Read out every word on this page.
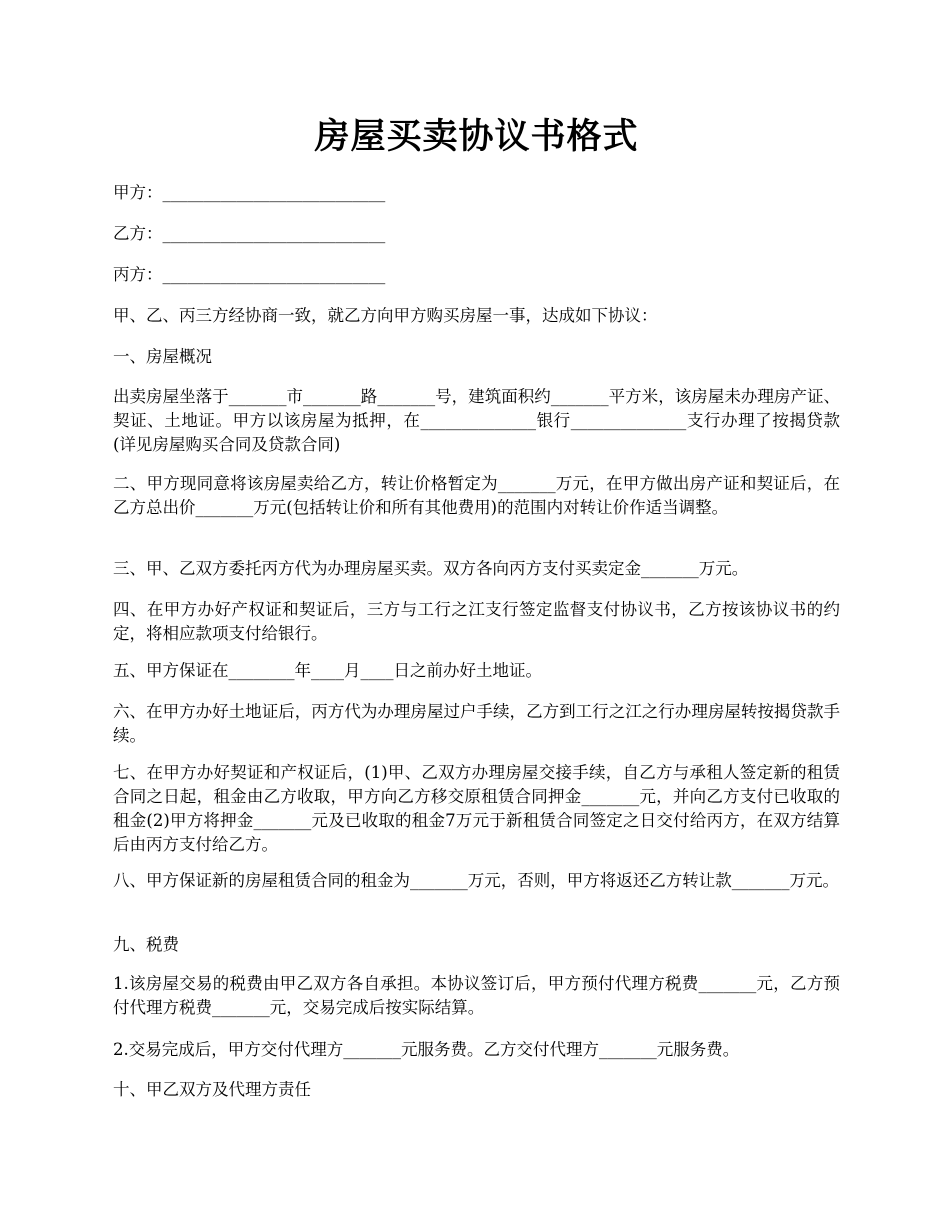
房屋买卖协议书格式

甲方：___________________________

乙方：___________________________

丙方：___________________________

甲、乙、丙三方经协商一致，就乙方向甲方购买房屋一事，达成如下协议：

一、房屋概况

出卖房屋坐落于_______市_______路_______号，建筑面积约_______平方米，该房屋未办理房产证、契证、土地证。甲方以该房屋为抵押，在______________银行______________支行办理了按揭贷款(详见房屋购买合同及贷款合同)

二、甲方现同意将该房屋卖给乙方，转让价格暂定为_______万元，在甲方做出房产证和契证后，在乙方总出价_______万元(包括转让价和所有其他费用)的范围内对转让价作适当调整。

三、甲、乙双方委托丙方代为办理房屋买卖。双方各向丙方支付买卖定金_______万元。

四、在甲方办好产权证和契证后，三方与工行之江支行签定监督支付协议书，乙方按该协议书的约定，将相应款项支付给银行。

五、甲方保证在________年____月____日之前办好土地证。

六、在甲方办好土地证后，丙方代为办理房屋过户手续，乙方到工行之江之行办理房屋转按揭贷款手续。

七、在甲方办好契证和产权证后，(1)甲、乙双方办理房屋交接手续，自乙方与承租人签定新的租赁合同之日起，租金由乙方收取，甲方向乙方移交原租赁合同押金_______元，并向乙方支付已收取的租金(2)甲方将押金_______元及已收取的租金7万元于新租赁合同签定之日交付给丙方，在双方结算后由丙方支付给乙方。

八、甲方保证新的房屋租赁合同的租金为_______万元，否则，甲方将返还乙方转让款_______万元。

九、税费

1.该房屋交易的税费由甲乙双方各自承担。本协议签订后，甲方预付代理方税费_______元，乙方预付代理方税费_______元，交易完成后按实际结算。

2.交易完成后，甲方交付代理方_______元服务费。乙方交付代理方_______元服务费。

十、甲乙双方及代理方责任
